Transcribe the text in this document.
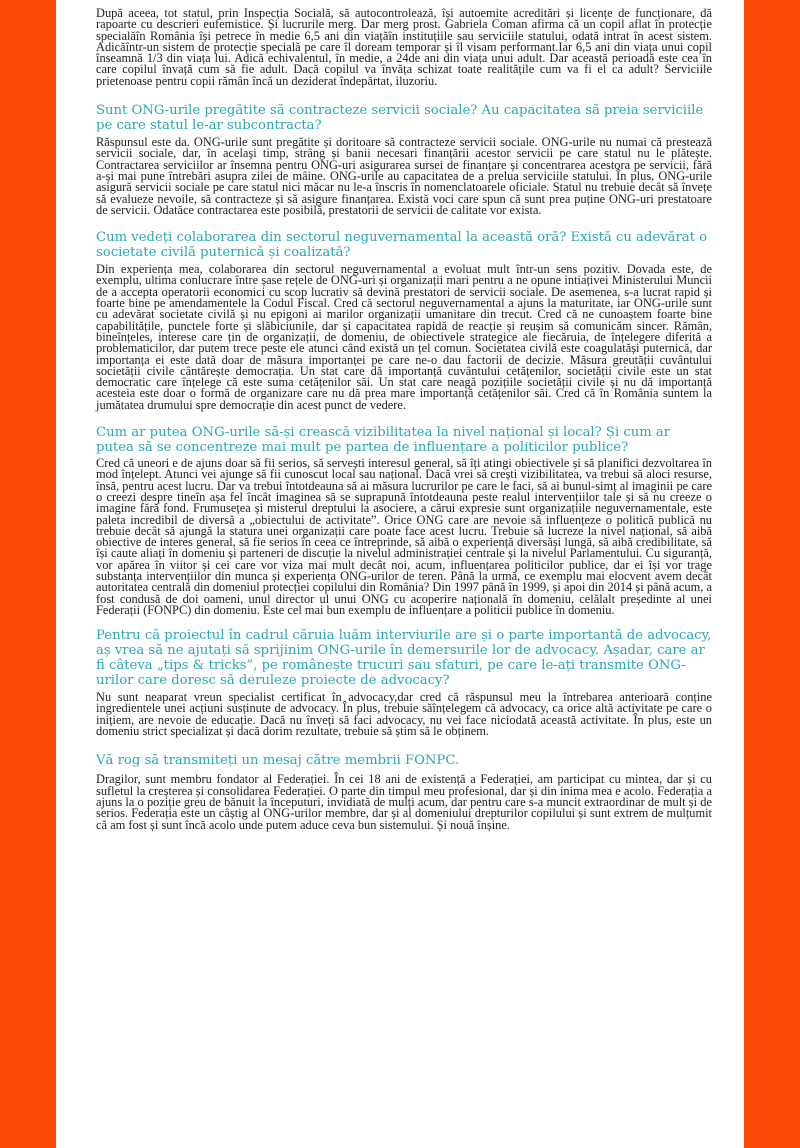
După aceea, tot statul, prin Inspecția Socială, să autocontrolează, își autoemite acreditări și licențe de funcționare, dă rapoarte cu descrieri eufemistice. Și lucrurile merg. Dar merg prost. Gabriela Coman afirma că un copil aflat în protecție specialăîn România își petrece în medie 6,5 ani din viațăîn instituțiile sau serviciile statului, odată intrat în acest sistem. Adicăîntr-un sistem de protecție specială pe care îl doream temporar și îl visam performant.Iar 6,5 ani din viața unui copil înseamnă 1/3 din viața lui. Adică echivalentul, în medie, a 24de ani din viața unui adult. Dar această perioadă este cea în care copilul învață cum să fie adult. Dacă copilul va învăța schizat toate realitățile cum va fi el ca adult? Serviciile prietenoase pentru copii rămân încă un deziderat îndepărtat, iluzoriu.

Sunt ONG-urile pregătite să contracteze servicii sociale? Au capacitatea să preia serviciile pe care statul le-ar subcontracta?

Răspunsul este da. ONG-urile sunt pregătite și doritoare să contracteze servicii sociale. ONG-urile nu numai că prestează servicii sociale, dar, în același timp, strâng și banii necesari finanțării acestor servicii pe care statul nu le plătește. Contractarea serviciilor ar însemna pentru ONG-uri asigurarea sursei de finanțare și concentrarea acestora pe servicii, fără a-și mai pune întrebări asupra zilei de mâine. ONG-urile au capacitatea de a prelua serviciile statului. În plus, ONG-urile asigură servicii sociale pe care statul nici măcar nu le-a înscris în nomenclatoarele oficiale. Statul nu trebuie decât să învețe să evalueze nevoile, să contracteze și să asigure finanțarea. Există voci care spun că sunt prea puține ONG-uri prestatoare de servicii. Odatăce contractarea este posibilă, prestatorii de servicii de calitate vor exista.

Cum vedeți colaborarea din sectorul neguvernamental la această oră? Există cu adevărat o societate civilă puternică și coalizată?

Din experiența mea, colaborarea din sectorul neguvernamental a evoluat mult într-un sens pozitiv. Dovada este, de exemplu, ultima conlucrare între șase rețele de ONG-uri și organizații mari pentru a ne opune intiațivei Ministerului Muncii de a accepta operatorii economici cu scop lucrativ să devină prestatori de servicii sociale. De asemenea, s-a lucrat rapid și foarte bine pe amendamentele la Codul Fiscal. Cred că sectorul neguvernamental a ajuns la maturitate, iar ONG-urile sunt cu adevărat societate civilă și nu epigoni ai marilor organizații umanitare din trecut. Cred că ne cunoaștem foarte bine capabilitățile, punctele forte și slăbiciunile, dar și capacitatea rapidă de reacție și reușim să comunicăm sincer. Rămân, bineînțeles, interese care țin de organizații, de domeniu, de obiectivele strategice ale fiecăruia, de înțelegere diferită a problematicilor, dar putem trece peste ele atunci când există un țel comun. Societatea civilă este coagulatăși puternică, dar importanța ei este dată doar de măsura importanței pe care ne-o dau factorii de decizie. Măsura greutății cuvântului societății civile cântărește democrația. Un stat care dă importanță cuvântului cetățenilor, societății civile este un stat democratic care înțelege că este suma cetățenilor săi. Un stat care neagă pozițiile societății civile și nu dă importanță acesteia este doar o formă de organizare care nu dă prea mare importanță cetățenilor săi. Cred că în România suntem la jumătatea drumului spre democrație din acest punct de vedere.

Cum ar putea ONG-urile să-și crească vizibilitatea la nivel național și local? Și cum ar putea să se concentreze mai mult pe partea de influențare a politicilor publice?

Cred că uneori e de ajuns doar să fii serios, să servești interesul general, să îți atingi obiectivele și să planifici dezvoltarea în mod înțelept. Atunci vei ajunge să fii cunoscut local sau național. Dacă vrei să crești vizibilitatea, va trebui să aloci resurse, însă, pentru acest lucru. Dar va trebui întotdeauna să ai măsura lucrurilor pe care le faci, să ai bunul-simț al imaginii pe care o creezi despre tineîn așa fel încât imaginea să se suprapună întotdeauna peste realul intervențiilor tale și să nu creeze o imagine fără fond. Frumusețea și misterul dreptului la asociere, a cărui expresie sunt organizațiile neguvernamentale, este paleta incredibil de diversă a „obiectului de activitate”. Orice ONG care are nevoie să influențeze o politică publică nu trebuie decât să ajungă la statura unei organizații care poate face acest lucru. Trebuie să lucreze la nivel național, să aibă obiective de interes general, să fie serios în ceea ce întreprinde, să aibă o experiență diversăși lungă, să aibă credibilitate, să își caute aliați în domeniu și parteneri de discuție la nivelul administrației centrale și la nivelul Parlamentului. Cu siguranță, vor apărea în viitor și cei care vor viza mai mult decât noi, acum, influențarea politicilor publice, dar ei își vor trage substanța intervențiilor din munca și experiența ONG-urilor de teren. Până la urmă, ce exemplu mai elocvent avem decât autoritatea centrală din domeniul protecției copilului din România? Din 1997 până în 1999, și apoi din 2014 și până acum, a fost condusă de doi oameni, unul director ul unui ONG cu acoperire națională în domeniu, celălalt președinte al unei Federații (FONPC) din domeniu. Este cel mai bun exemplu de influențare a politicii publice în domeniu.

Pentru că proiectul în cadrul căruia luăm interviurile are și o parte importantă de advocacy, aș vrea să ne ajutați să sprijinim ONG-urile în demersurile lor de advocacy. Așadar, care ar fi câteva „tips & tricks”, pe românește trucuri sau sfaturi, pe care le-ați transmite ONG-urilor care doresc să deruleze proiecte de advocacy?

Nu sunt neaparat vreun specialist certificat în advocacy,dar cred că răspunsul meu la întrebarea anterioară conține ingredientele unei acțiuni susținute de advocacy. În plus, trebuie săînțelegem că advocacy, ca orice altă activitate pe care o inițiem, are nevoie de educație. Dacă nu înveți să faci advocacy, nu vei face niciodată această activitate. În plus, este un domeniu strict specializat și dacă dorim rezultate, trebuie să știm să le obținem.

Vă rog să transmiteți un mesaj către membrii FONPC.

Dragilor, sunt membru fondator al Federației. În cei 18 ani de existență a Federației, am participat cu mintea, dar și cu sufletul la creșterea și consolidarea Federației. O parte din timpul meu profesional, dar și din inima mea e acolo. Federația a ajuns la o poziție greu de bănuit la începuturi, invidiată de mulți acum, dar pentru care s-a muncit extraordinar de mult și de serios. Federația este un câștig al ONG-urilor membre, dar și al domeniului drepturilor copilului și sunt extrem de mulțumit că am fost și sunt încă acolo unde putem aduce ceva bun sistemului. Și nouă înșine.
